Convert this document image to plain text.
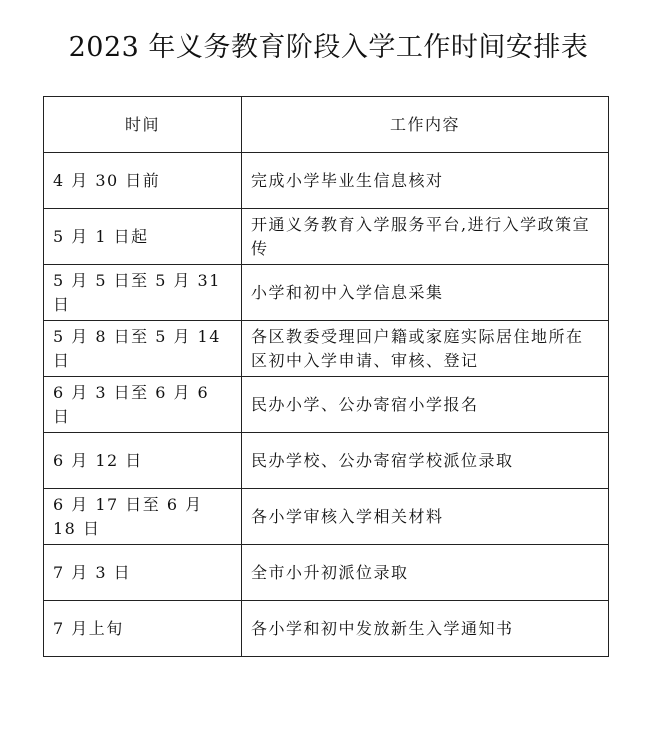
2023 年义务教育阶段入学工作时间安排表
时间	工作内容
4 月 30 日前	完成小学毕业生信息核对
5 月 1 日起	开通义务教育入学服务平台,进行入学政策宣传
5 月 5 日至 5 月 31 日	小学和初中入学信息采集
5 月 8 日至 5 月 14 日	各区教委受理回户籍或家庭实际居住地所在区初中入学申请、审核、登记
6 月 3 日至 6 月 6 日	民办小学、公办寄宿小学报名
6 月 12 日	民办学校、公办寄宿学校派位录取
6 月 17 日至 6 月 18 日	各小学审核入学相关材料
7 月 3 日	全市小升初派位录取
7 月上旬	各小学和初中发放新生入学通知书
